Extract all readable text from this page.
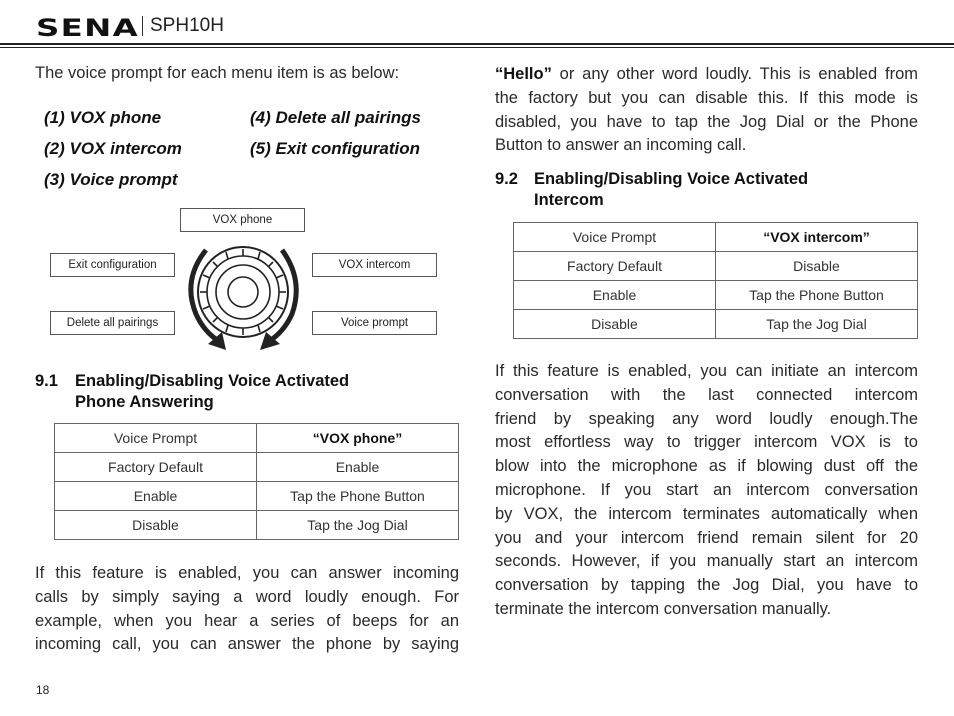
SENA SPH10H
The voice prompt for each menu item is as below:
(1) VOX phone
(2) VOX intercom
(3) Voice prompt
(4) Delete all pairings
(5) Exit configuration
VOX phone
Exit configuration	VOX intercom
Delete all pairings	Voice prompt
9.1 Enabling/Disabling Voice Activated
Phone Answering
Voice Prompt	“VOX phone”
Factory Default	Enable
Enable	Tap the Phone Button
Disable	Tap the Jog Dial
If this feature is enabled, you can answer incoming
calls by simply saying a word loudly enough. For
example, when you hear a series of beeps for an
incoming call, you can answer the phone by saying
“Hello” or any other word loudly. This is enabled from
the factory but you can disable this. If this mode is
disabled, you have to tap the Jog Dial or the Phone
Button to answer an incoming call.
9.2 Enabling/Disabling Voice Activated
Intercom
Voice Prompt	“VOX intercom”
Factory Default	Disable
Enable	Tap the Phone Button
Disable	Tap the Jog Dial
If this feature is enabled, you can initiate an intercom
conversation with the last connected intercom
friend by speaking any word loudly enough.The
most effortless way to trigger intercom VOX is to
blow into the microphone as if blowing dust off the
microphone. If you start an intercom conversation
by VOX, the intercom terminates automatically when
you and your intercom friend remain silent for 20
seconds. However, if you manually start an intercom
conversation by tapping the Jog Dial, you have to
terminate the intercom conversation manually.
18
